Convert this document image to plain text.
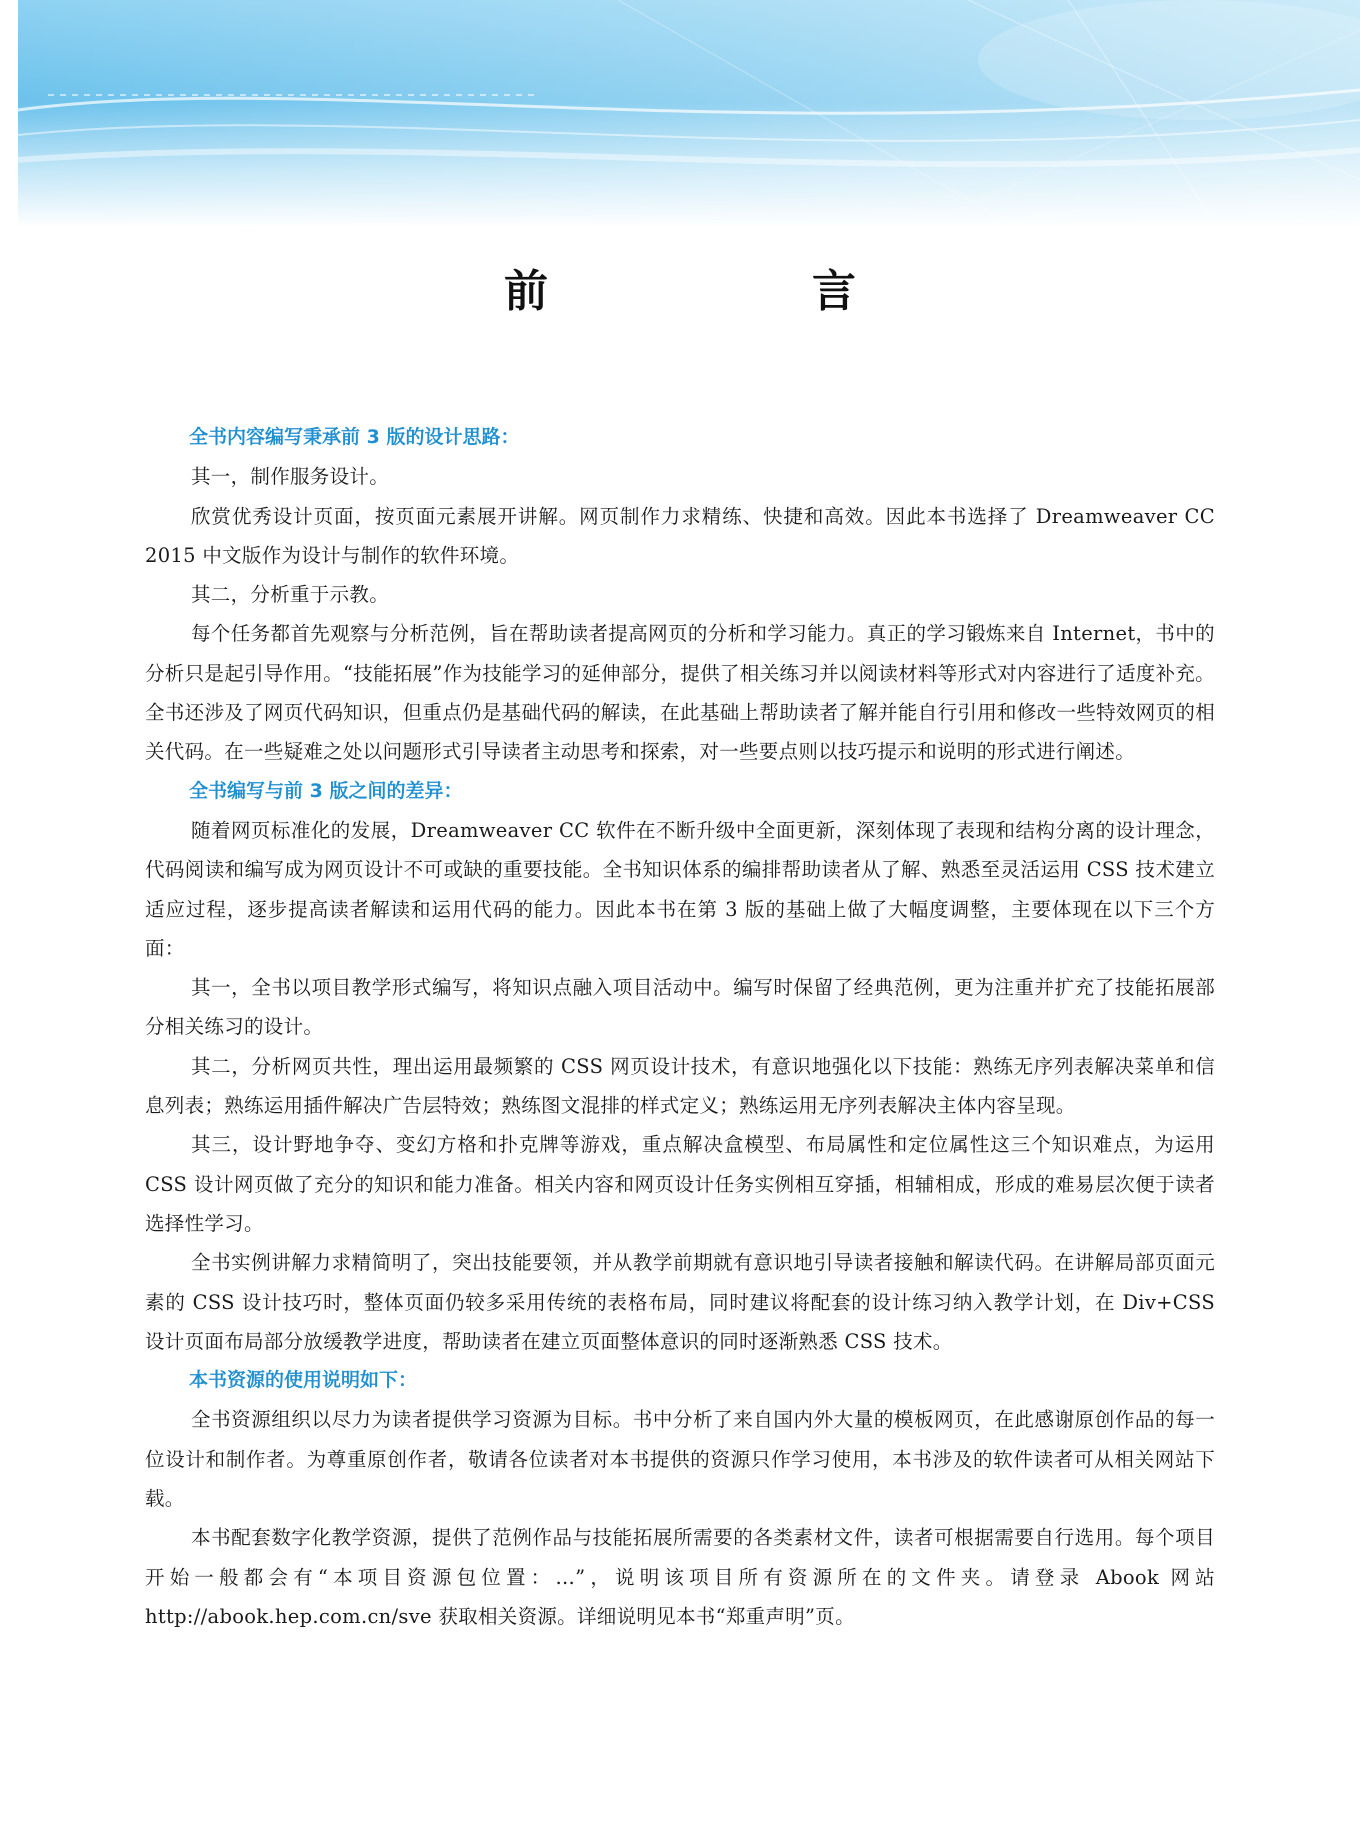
前　言
全书内容编写秉承前 3 版的设计思路：

其一，制作服务设计。

欣赏优秀设计页面，按页面元素展开讲解。网页制作力求精练、快捷和高效。因此本书选择了 Dreamweaver CC 2015 中文版作为设计与制作的软件环境。

其二，分析重于示教。

每个任务都首先观察与分析范例，旨在帮助读者提高网页的分析和学习能力。真正的学习锻炼来自 Internet，书中的分析只是起引导作用。“技能拓展”作为技能学习的延伸部分，提供了相关练习并以阅读材料等形式对内容进行了适度补充。全书还涉及了网页代码知识，但重点仍是基础代码的解读，在此基础上帮助读者了解并能自行引用和修改一些特效网页的相关代码。在一些疑难之处以问题形式引导读者主动思考和探索，对一些要点则以技巧提示和说明的形式进行阐述。

全书编写与前 3 版之间的差异：

随着网页标准化的发展，Dreamweaver CC 软件在不断升级中全面更新，深刻体现了表现和结构分离的设计理念，代码阅读和编写成为网页设计不可或缺的重要技能。全书知识体系的编排帮助读者从了解、熟悉至灵活运用 CSS 技术建立适应过程，逐步提高读者解读和运用代码的能力。因此本书在第 3 版的基础上做了大幅度调整，主要体现在以下三个方面：

其一，全书以项目教学形式编写，将知识点融入项目活动中。编写时保留了经典范例，更为注重并扩充了技能拓展部分相关练习的设计。

其二，分析网页共性，理出运用最频繁的 CSS 网页设计技术，有意识地强化以下技能：熟练无序列表解决菜单和信息列表；熟练运用插件解决广告层特效；熟练图文混排的样式定义；熟练运用无序列表解决主体内容呈现。

其三，设计野地争夺、变幻方格和扑克牌等游戏，重点解决盒模型、布局属性和定位属性这三个知识难点，为运用 CSS 设计网页做了充分的知识和能力准备。相关内容和网页设计任务实例相互穿插，相辅相成，形成的难易层次便于读者选择性学习。

全书实例讲解力求精简明了，突出技能要领，并从教学前期就有意识地引导读者接触和解读代码。在讲解局部页面元素的 CSS 设计技巧时，整体页面仍较多采用传统的表格布局，同时建议将配套的设计练习纳入教学计划，在 Div+CSS 设计页面布局部分放缓教学进度，帮助读者在建立页面整体意识的同时逐渐熟悉 CSS 技术。

本书资源的使用说明如下：

全书资源组织以尽力为读者提供学习资源为目标。书中分析了来自国内外大量的模板网页，在此感谢原创作品的每一位设计和制作者。为尊重原创作者，敬请各位读者对本书提供的资源只作学习使用，本书涉及的软件读者可从相关网站下载。

本书配套数字化教学资源，提供了范例作品与技能拓展所需要的各类素材文件，读者可根据需要自行选用。每个项目开始一般都会有“本项目资源包位置：…”，说明该项目所有资源所在的文件夹。请登录 Abook 网站 http://abook.hep.com.cn/sve 获取相关资源。详细说明见本书“郑重声明”页。
